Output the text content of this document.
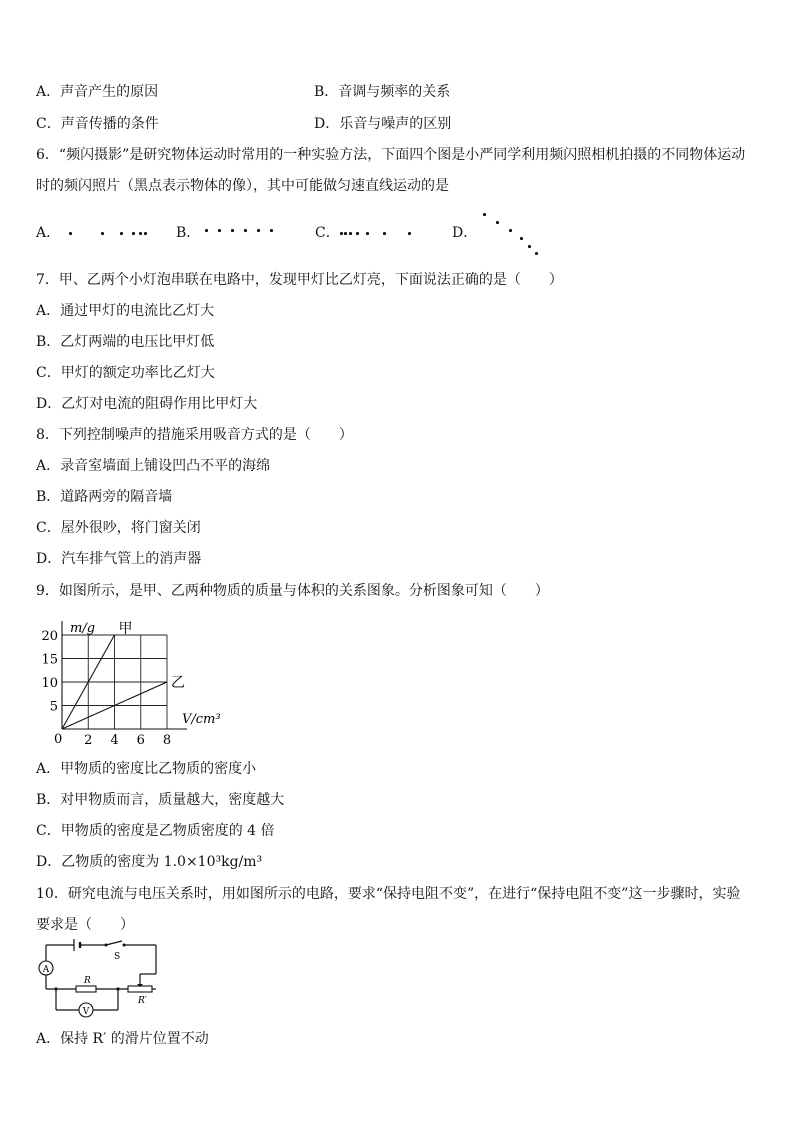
A．声音产生的原因	B．音调与频率的关系
C．声音传播的条件	D．乐音与噪声的区别
6．“频闪摄影”是研究物体运动时常用的一种实验方法，下面四个图是小严同学利用频闪照相机拍摄的不同物体运动
时的频闪照片（黑点表示物体的像），其中可能做匀速直线运动的是
A．	B．	C．	D．
7．甲、乙两个小灯泡串联在电路中，发现甲灯比乙灯亮，下面说法正确的是（　　）
A．通过甲灯的电流比乙灯大
B．乙灯两端的电压比甲灯低
C．甲灯的额定功率比乙灯大
D．乙灯对电流的阻碍作用比甲灯大
8．下列控制噪声的措施采用吸音方式的是（　　）
A．录音室墙面上铺设凹凸不平的海绵
B．道路两旁的隔音墙
C．屋外很吵，将门窗关闭
D．汽车排气管上的消声器
9．如图所示，是甲、乙两种物质的质量与体积的关系图象。分析图象可知（　　）
m/g
V/cm³
0 2 4 6 8
5
10
15
20	甲
乙
A．甲物质的密度比乙物质的密度小
B．对甲物质而言，质量越大，密度越大
C．甲物质的密度是乙物质密度的 4 倍
D．乙物质的密度为 1.0×10³kg/m³
10．研究电流与电压关系时，用如图所示的电路，要求“保持电阻不变”，在进行“保持电阻不变”这一步骤时，实验
要求是（　　）
A
V
S
R
R′
A．保持 R′ 的滑片位置不动
